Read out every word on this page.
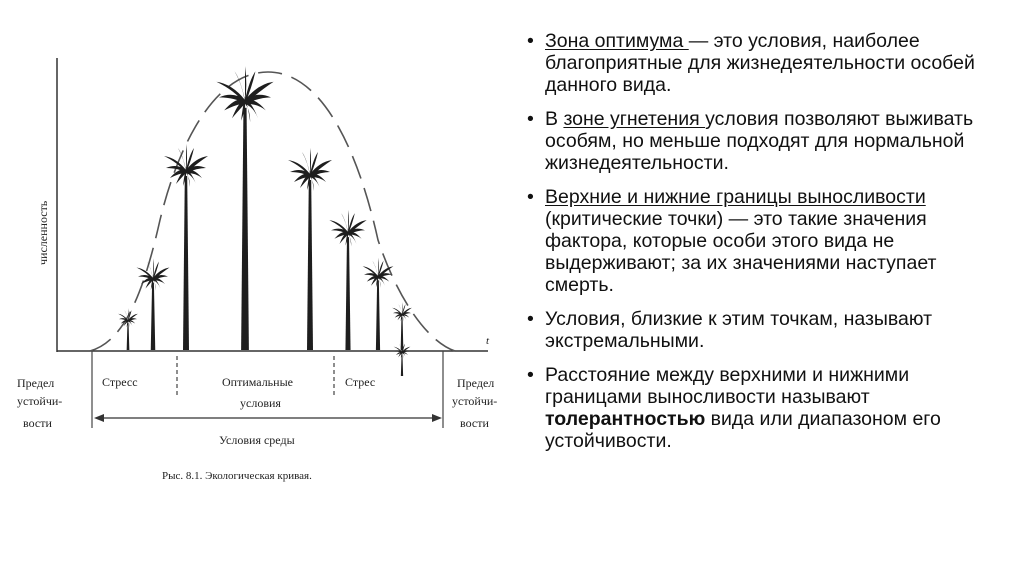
численность
t
Предел
устойчи-
вости
Стресс	Оптимальные
условия
Стрес	Предел
устойчи-
вости
Условия среды
Рыс. 8.1. Экологическая кривая.
• Зона оптимума — это условия, наиболее благоприятные для жизнедеятельности особей данного вида.
• В зоне угнетения условия позволяют выживать особям, но меньше подходят для нормальной жизнедеятельности.
• Верхние и нижние границы выносливости (критические точки) — это такие значения фактора, которые особи этого вида не выдерживают; за их значениями наступает смерть.
• Условия, близкие к этим точкам, называют экстремальными.
• Расстояние между верхними и нижними границами выносливости называют толерантностью вида или диапазоном его устойчивости.
